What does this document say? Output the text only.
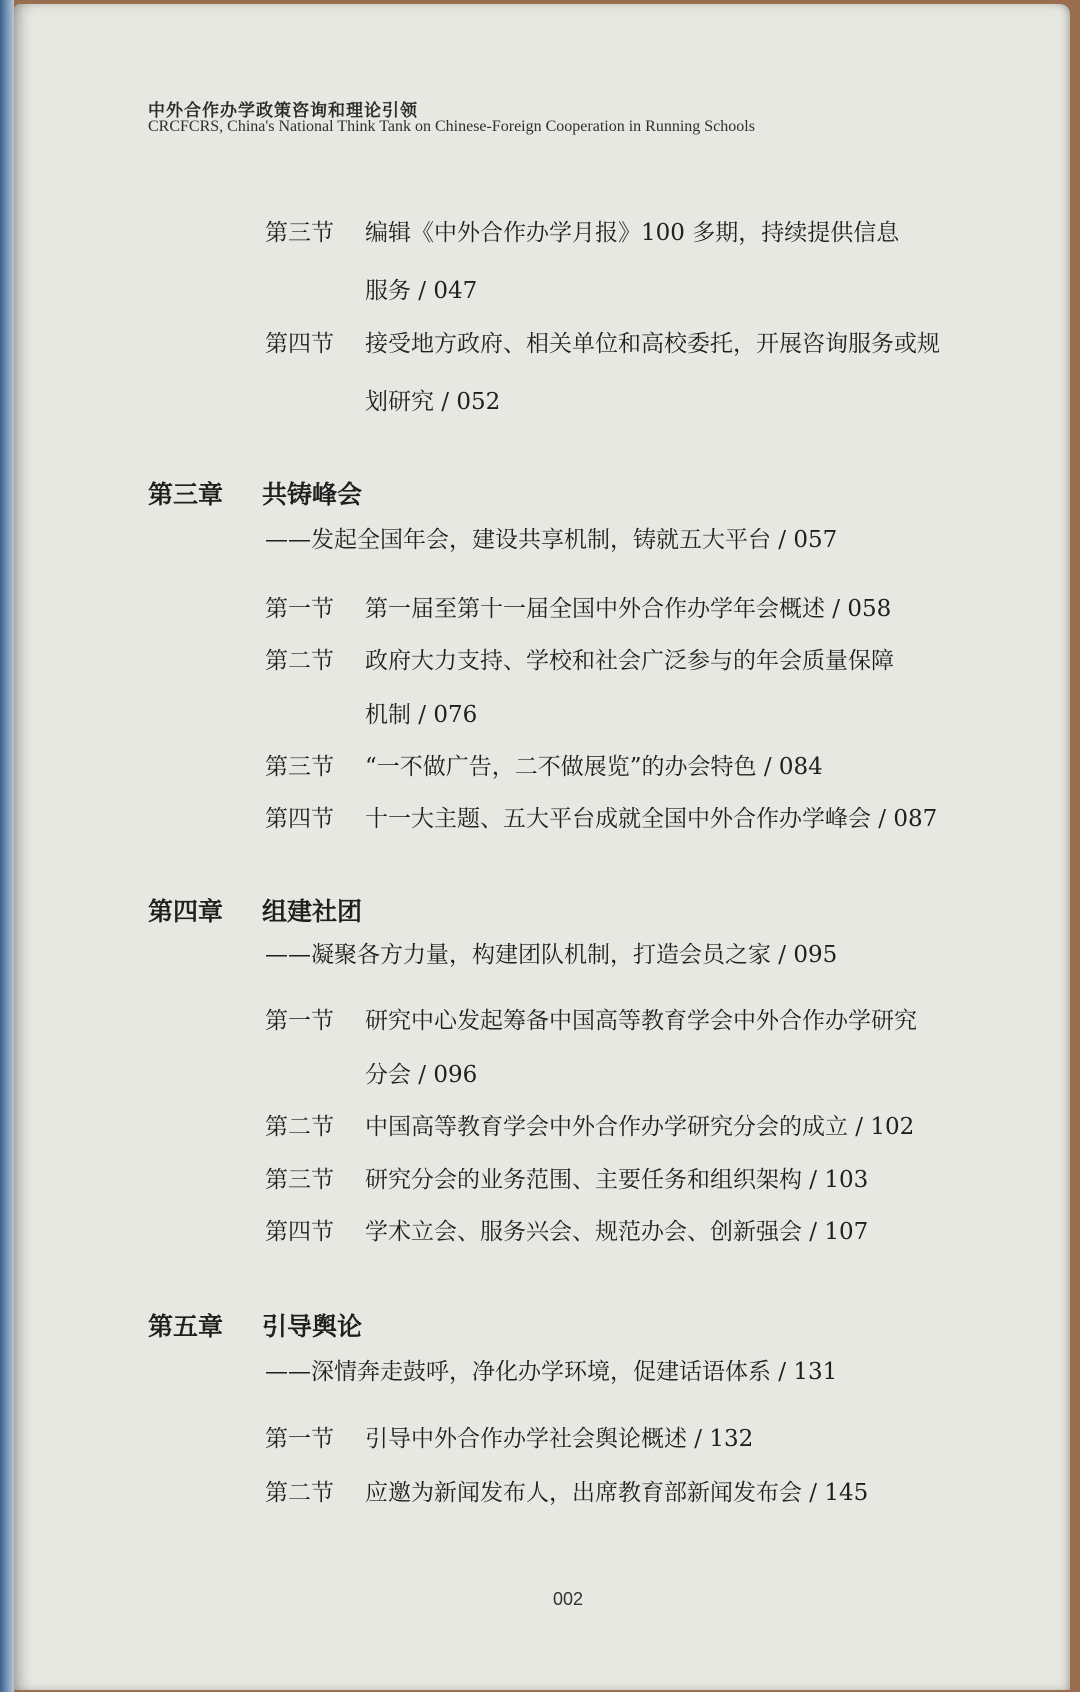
中外合作办学政策咨询和理论引领
CRCFCRS, China's National Think Tank on Chinese-Foreign Cooperation in Running Schools
第三节 编辑《中外合作办学月报》100 多期，持续提供信息
服务 / 047
第四节 接受地方政府、相关单位和高校委托，开展咨询服务或规
划研究 / 052
第三章 共铸峰会
——发起全国年会，建设共享机制，铸就五大平台 / 057
第一节 第一届至第十一届全国中外合作办学年会概述 / 058
第二节 政府大力支持、学校和社会广泛参与的年会质量保障
机制 / 076
第三节 “一不做广告，二不做展览”的办会特色 / 084
第四节 十一大主题、五大平台成就全国中外合作办学峰会 / 087
第四章 组建社团
——凝聚各方力量，构建团队机制，打造会员之家 / 095
第一节 研究中心发起筹备中国高等教育学会中外合作办学研究
分会 / 096
第二节 中国高等教育学会中外合作办学研究分会的成立 / 102
第三节 研究分会的业务范围、主要任务和组织架构 / 103
第四节 学术立会、服务兴会、规范办会、创新强会 / 107
第五章 引导舆论
——深情奔走鼓呼，净化办学环境，促建话语体系 / 131
第一节 引导中外合作办学社会舆论概述 / 132
第二节 应邀为新闻发布人，出席教育部新闻发布会 / 145
002
